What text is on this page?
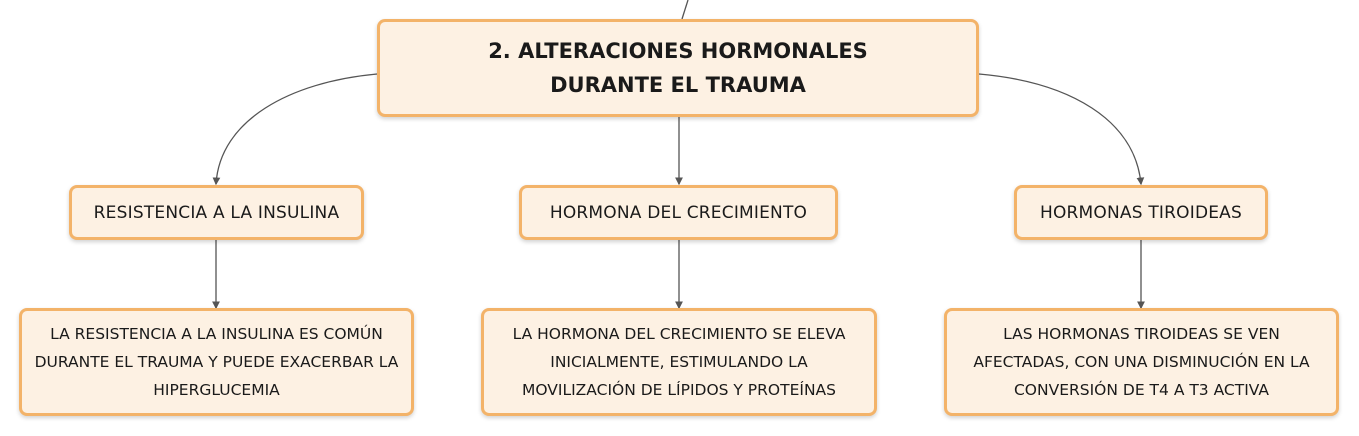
2. ALTERACIONES HORMONALES DURANTE EL TRAUMA
RESISTENCIA A LA INSULINA	HORMONA DEL CRECIMIENTO	HORMONAS TIROIDEAS
LA RESISTENCIA A LA INSULINA ES COMÚN DURANTE EL TRAUMA Y PUEDE EXACERBAR LA HIPERGLUCEMIA
LA HORMONA DEL CRECIMIENTO SE ELEVA INICIALMENTE, ESTIMULANDO LA MOVILIZACIÓN DE LÍPIDOS Y PROTEÍNAS
LAS HORMONAS TIROIDEAS SE VEN AFECTADAS, CON UNA DISMINUCIÓN EN LA CONVERSIÓN DE T4 A T3 ACTIVA
